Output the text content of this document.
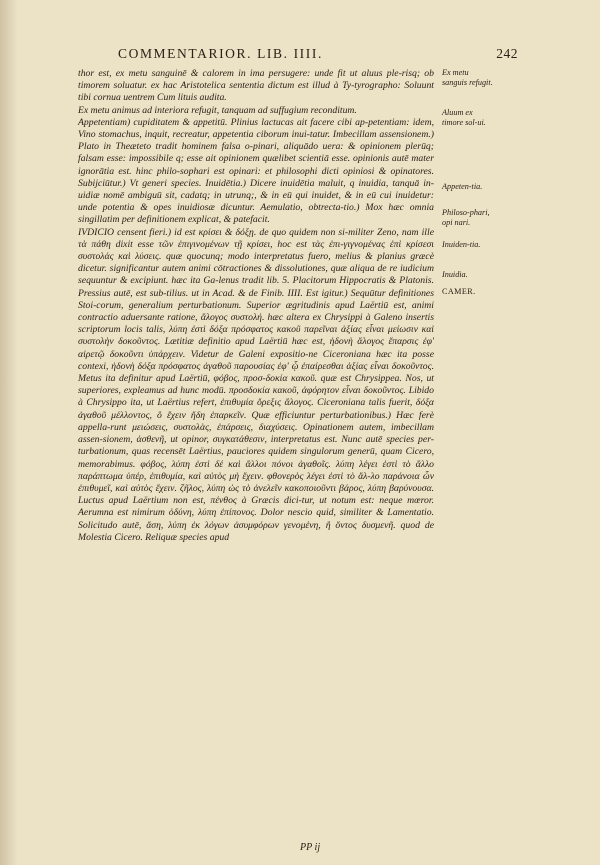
COMMENTARIOR. LIB. IIII.	242

thor est, ex metu sanguinē & calorem in ima persugere: unde fit ut aluus ple-risq; ob timorem soluatur. ex hac Aristotelica sententia dictum est illud à Ty-tyrographo: Soluunt tibi cornua uentrem Cum lituis audita.

Ex metu animus ad interiora refugit, tanquam ad suffugium reconditum.

Appetentiam) cupiditatem & appetitū. Plinius lactucas ait facere cibi ap-petentiam: idem, Vino stomachus, inquit, recreatur, appetentia ciborum inui-tatur. Imbecillam assensionem.) Plato in Theæteto tradit hominem falsa o-pinari, aliquādo uera: & opinionem plerūq; falsam esse: impossibile q; esse ait opinionem quælibet scientiā esse. opinionis autē mater ignorātia est. hinc philo-sophari est opinari: et philosophi dicti opiniosi & opinatores. Subijciūtur.) Vt generi species. Inuidētia.) Dicere inuidētia maluit, q inuidia, tanquā in-uidiæ nomē ambiguū sit, cadatq; in utrunq;, & in eū qui inuidet, & in eū cui inuidetur: unde potentia & opes inuidiosæ dicuntur. Aemulatio, obtrecta-tio.) Mox hæc omnia singillatim per definitionem explicat, & patefacit.

IVDICIO censent fieri.) id est κρίσει & δόξῃ. de quo quidem non si-militer Zeno, nam ille τὰ πάθη dixit esse τῶν ἐπιγινομένων τῇ κρίσει, hoc est τὰς ἐπι-γιγνομένας ἐπὶ κρίσεσι συστολάς καὶ λύσεις. quæ quocunq; modo interpretatus fuero, melius & planius græcè dicetur. significantur autem animi cōtractiones & dissolutiones, quæ aliqua de re iudicium sequuntur & excipiunt. hæc ita Ga-lenus tradit lib. 5. Placitorum Hippocratis & Platonis. Pressius autē, est sub-tilius. ut in Acad. & de Finib. IIII. Est igitur.) Sequūtur definitiones Stoi-corum, generalium perturbationum. Superior ægritudinis apud Laërtiū est, animi contractio aduersante ratione, ἄλογος συστολή. hæc altera ex Chrysippi à Galeno insertis scriptorum locis talis, λύπη ἐστὶ δόξα πρόσφατος κακοῦ παρεῖναι ἀξίας εἶναι μείωσιν καὶ συστολὴν δοκοῦντος. Lætitiæ definitio apud Laërtiū hæc est, ἡδονὴ ἄλογος ἔπαρσις ἐφ' αἱρετῷ δοκοῦντι ὑπάρχειν. Videtur de Galeni expositio-ne Ciceroniana hæc ita posse contexi, ἡδονὴ δόξα πρόσφατος ἀγαθοῦ παρουσίας ἐφ' ᾧ ἐπαίρεσθαι ἀξίας εἶναι δοκοῦντος. Metus ita definitur apud Laërtiū, φόβος, προσ-δοκία κακοῦ. quæ est Chrysippea. Nos, ut superiores, expleamus ad hunc modū. προσδοκία κακοῦ, ἀφόρητον εἶναι δοκοῦντος. Libido à Chrysippo ita, ut Laërtius refert, ἐπιθυμία ὄρεξις ἄλογος. Ciceroniana talis fuerit, δόξα ἀγαθοῦ μέλλοντος, ὃ ἔχειν ἤδη ἐπαρκεῖν. Quæ efficiuntur perturbationibus.) Hæc ferè appella-runt μειώσεις, συστολὰς, ἐπάρσεις, διαχύσεις. Opinationem autem, imbecillam assen-sionem, ἀσθενῆ, ut opinor, συγκατάθεσιν, interpretatus est. Nunc autē species per-turbationum, quas recensēt Laërtius, pauciores quidem singulorum generū, quam Cicero, memorabimus. φόβος, λύπη ἐστὶ δέ καὶ ἄλλοι πόνοι ἀγαθοῖς. λύπη λέγει ἐστὶ τὸ ἄλλο παράπτωμα ὑπέρ, ἐπιθυμία, καὶ αὐτὸς μὴ ἔχειν. φθονερὸς λέγει ἐστὶ τὸ ἄλ-λο παράνοια ὧν ἐπιθυμεῖ, καὶ αὐτὸς ἔχειν. ζῆλος, λύπη ὡς τὸ ἀνελεῖν κακοποιοῦντι βάρος, λύπη βαρύνουσα. Luctus apud Laërtium non est, πένθος à Græcis dici-tur, ut notum est: neque mœror. Aerumna est nimirum ὀδύνη, λύπη ἐπίπονος. Dolor nescio quid, similiter & Lamentatio. Solicitudo autē, ἄση, λύπη ἐκ λόγων ἀσυμφόρων γενομένη, ἢ ὄντος δυσμενῆ. quod de Molestia Cicero. Reliquæ species apud

Ex metu sanguis refugit.
Aluum ex timore sol-ui.
Appeten-tia.
Philoso-phari, opi nari.
Inuiden-tia.
Inuidia.
CAMER.
PP ij
